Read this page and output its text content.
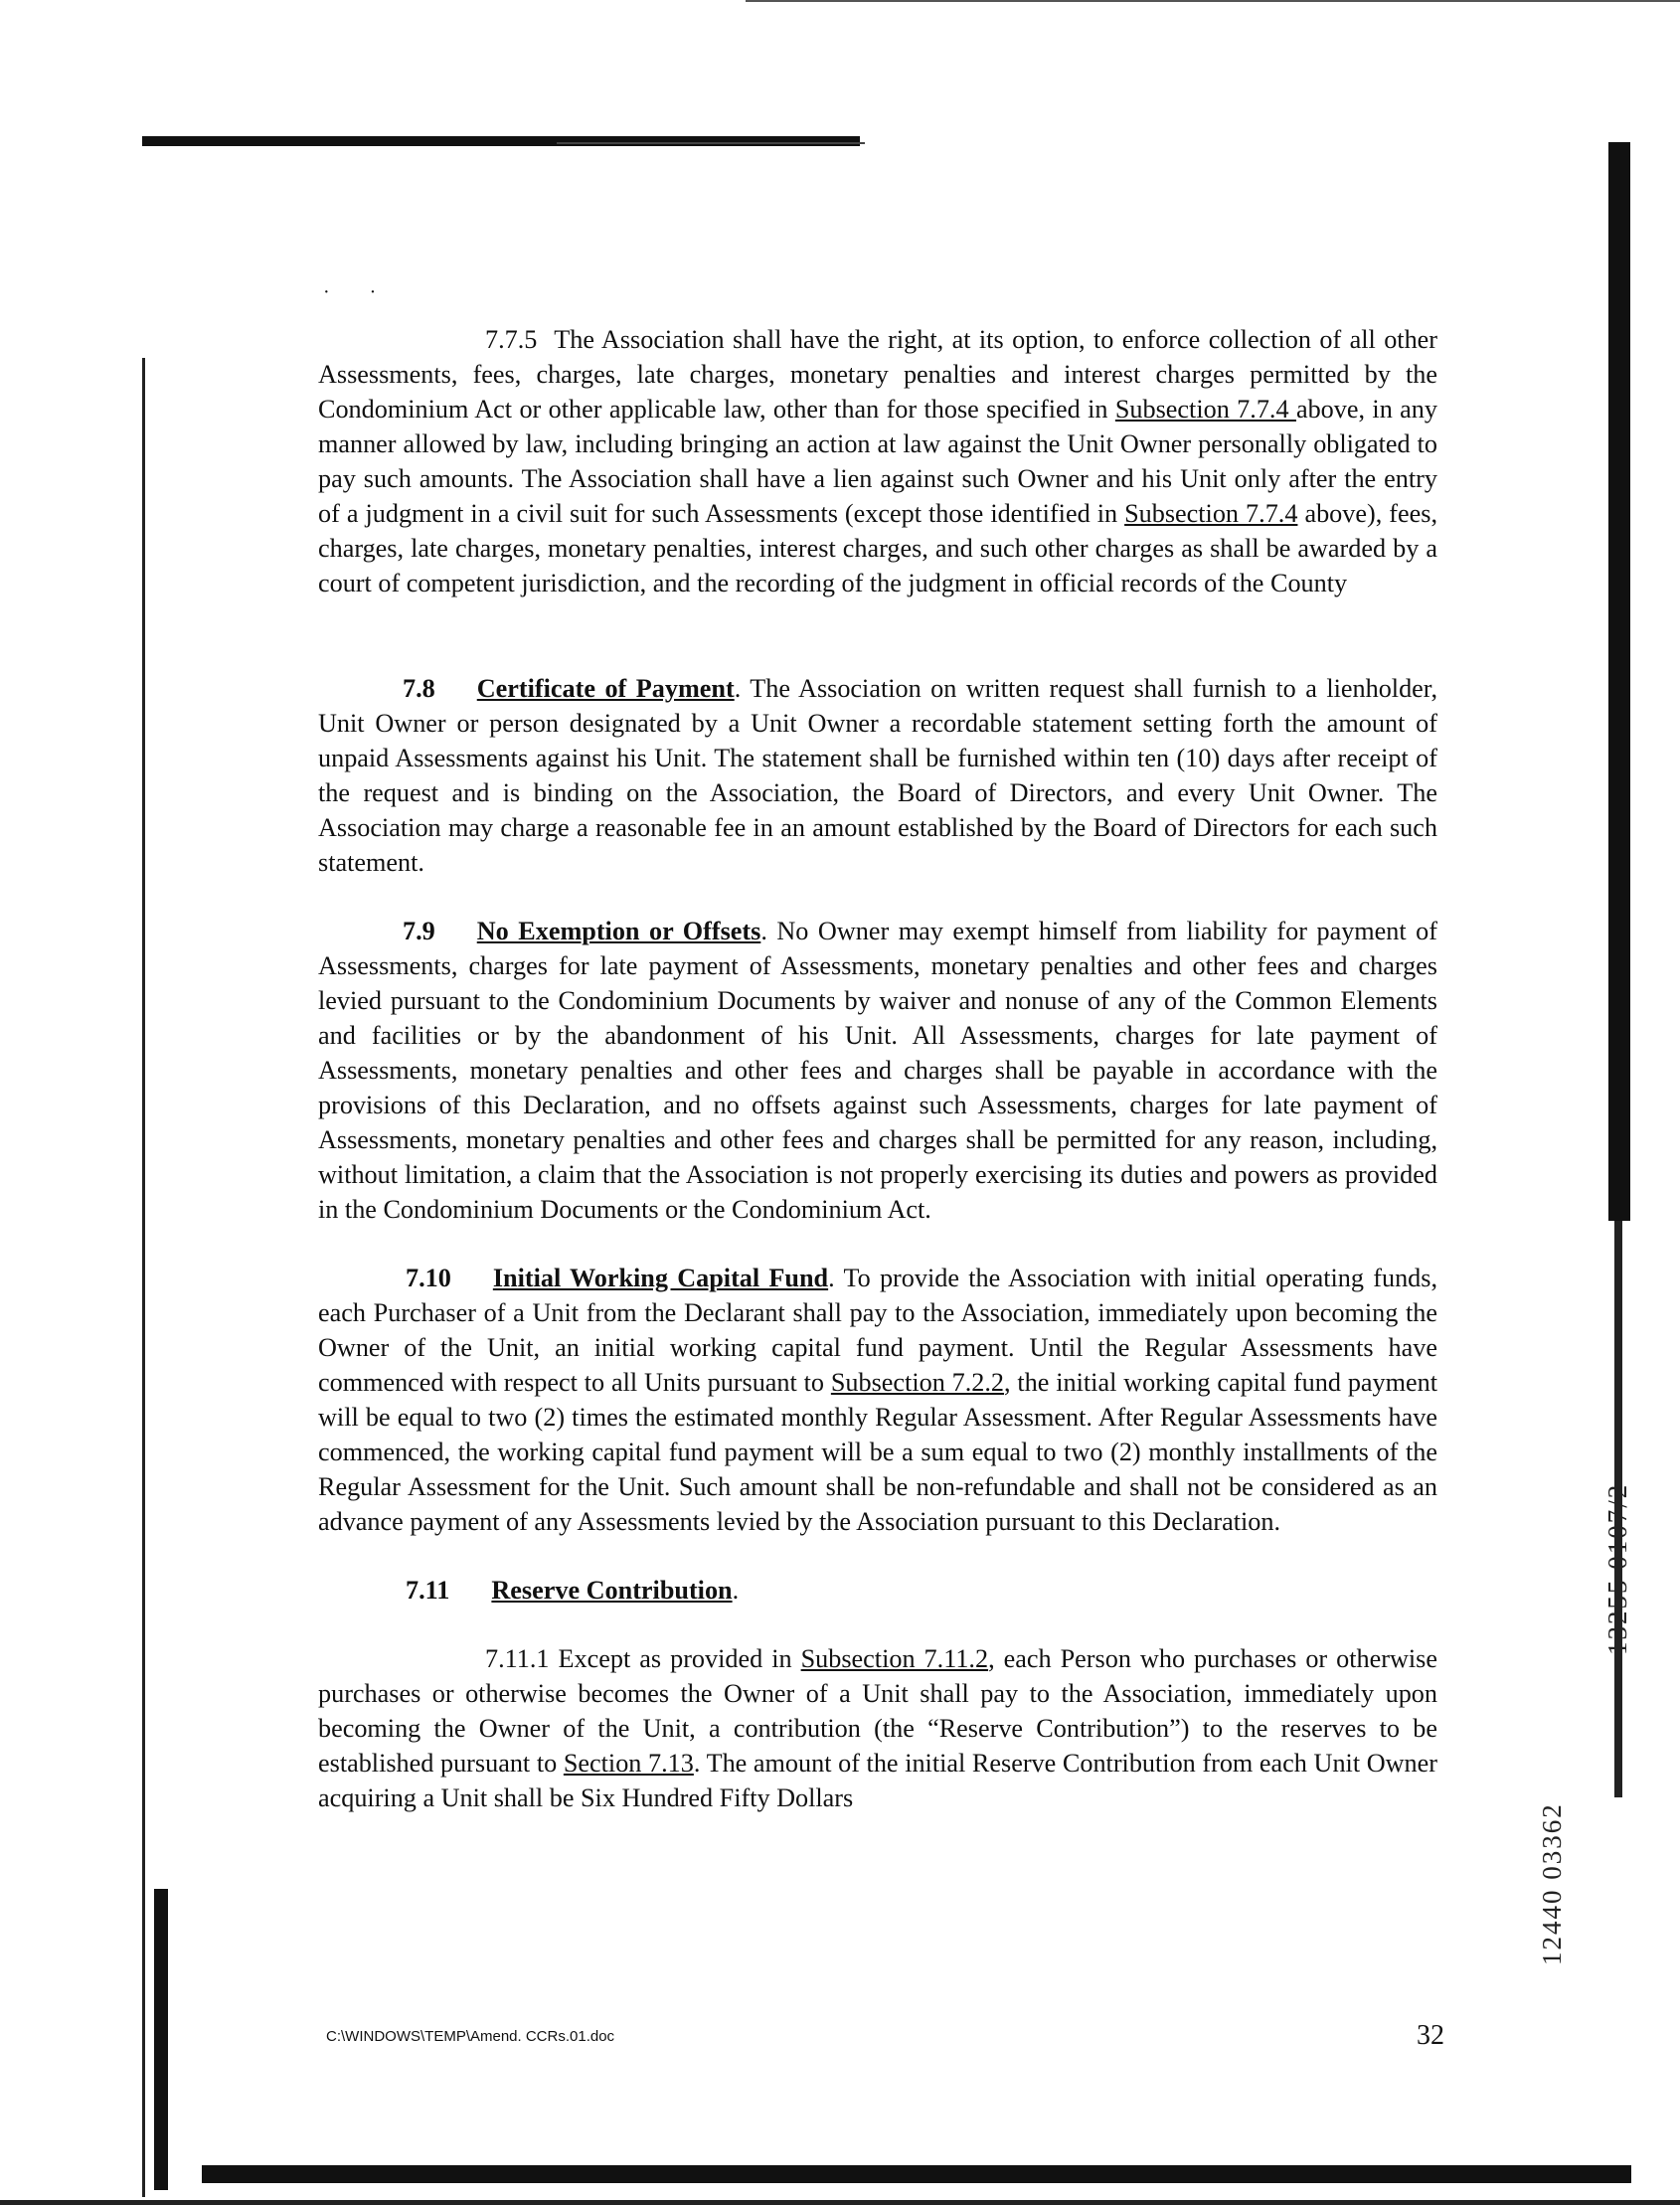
··

7.7.5 The Association shall have the right, at its option, to enforce collection of all other Assessments, fees, charges, late charges, monetary penalties and interest charges permitted by the Condominium Act or other applicable law, other than for those specified in Subsection 7.7.4 above, in any manner allowed by law, including bringing an action at law against the Unit Owner personally obligated to pay such amounts. The Association shall have a lien against such Owner and his Unit only after the entry of a judgment in a civil suit for such Assessments (except those identified in Subsection 7.7.4 above), fees, charges, late charges, monetary penalties, interest charges, and such other charges as shall be awarded by a court of competent jurisdiction, and the recording of the judgment in official records of the County

7.8 Certificate of Payment. The Association on written request shall furnish to a lienholder, Unit Owner or person designated by a Unit Owner a recordable statement setting forth the amount of unpaid Assessments against his Unit. The statement shall be furnished within ten (10) days after receipt of the request and is binding on the Association, the Board of Directors, and every Unit Owner. The Association may charge a reasonable fee in an amount established by the Board of Directors for each such statement.

7.9 No Exemption or Offsets. No Owner may exempt himself from liability for payment of Assessments, charges for late payment of Assessments, monetary penalties and other fees and charges levied pursuant to the Condominium Documents by waiver and nonuse of any of the Common Elements and facilities or by the abandonment of his Unit. All Assessments, charges for late payment of Assessments, monetary penalties and other fees and charges shall be payable in accordance with the provisions of this Declaration, and no offsets against such Assessments, charges for late payment of Assessments, monetary penalties and other fees and charges shall be permitted for any reason, including, without limitation, a claim that the Association is not properly exercising its duties and powers as provided in the Condominium Documents or the Condominium Act.

7.10 Initial Working Capital Fund. To provide the Association with initial operating funds, each Purchaser of a Unit from the Declarant shall pay to the Association, immediately upon becoming the Owner of the Unit, an initial working capital fund payment. Until the Regular Assessments have commenced with respect to all Units pursuant to Subsection 7.2.2, the initial working capital fund payment will be equal to two (2) times the estimated monthly Regular Assessment. After Regular Assessments have commenced, the working capital fund payment will be a sum equal to two (2) monthly installments of the Regular Assessment for the Unit. Such amount shall be non-refundable and shall not be considered as an advance payment of any Assessments levied by the Association pursuant to this Declaration.

7.11 Reserve Contribution.

7.11.1 Except as provided in Subsection 7.11.2, each Person who purchases or otherwise purchases or otherwise becomes the Owner of a Unit shall pay to the Association, immediately upon becoming the Owner of the Unit, a contribution (the “Reserve Contribution”) to the reserves to be established pursuant to Section 7.13. The amount of the initial Reserve Contribution from each Unit Owner acquiring a Unit shall be Six Hundred Fifty Dollars

C:\WINDOWS\TEMP\Amend. CCRs.01.doc	32
13255 0107/2
12440 03362
